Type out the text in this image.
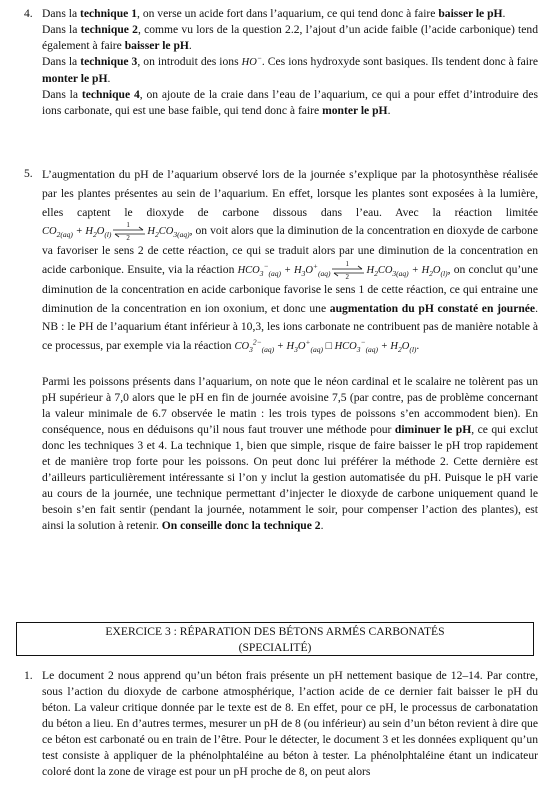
4. Dans la technique 1, on verse un acide fort dans l’aquarium, ce qui tend donc à faire baisser le pH.

Dans la technique 2, comme vu lors de la question 2.2, l’ajout d’un acide faible (l’acide carbonique) tend également à faire baisser le pH.

Dans la technique 3, on introduit des ions HO−. Ces ions hydroxyde sont basiques. Ils tendent donc à faire monter le pH.

Dans la technique 4, on ajoute de la craie dans l’eau de l’aquarium, ce qui a pour effet d’introduire des ions carbonate, qui est une base faible, qui tend donc à faire monter le pH.

5. L’augmentation du pH de l’aquarium observé lors de la journée s’explique par la photosynthèse réalisée par les plantes présentes au sein de l’aquarium. En effet, lorsque les plantes sont exposées à la lumière, elles captent le dioxyde de carbone dissous dans l’eau. Avec la réaction limitée $CO_{2(aq)} + H_2O_{(l)}$
1
2
$H_2CO_{3(aq)}$, on voit alors que la diminution de la concentration en dioxyde de carbone va favoriser le sens 2 de cette réaction, ce qui se traduit alors par une diminution de la concentration en acide carbonique. Ensuite, via la réaction $HCO_3^-_{(aq)} + H_3O^+_{(aq)}$
1
2
$H_2CO_{3(aq)} + H_2O_{(l)}$, on conclut qu’une diminution de la concentration en acide carbonique favorise le sens 1 de cette réaction, ce qui entraine une diminution de la concentration en ion oxonium, et donc une augmentation du pH constaté en journée. NB : le PH de l’aquarium étant inférieur à 10,3, les ions carbonate ne contribuent pas de manière notable à ce processus, par exemple via la réaction $CO_3^{2-}_{(aq)} + H_3O^+_{(aq)}$ □ $HCO_3^-_{(aq)} + H_2O_{(l)}$.

Parmi les poissons présents dans l’aquarium, on note que le néon cardinal et le scalaire ne tolèrent pas un pH supérieur à 7,0 alors que le pH en fin de journée avoisine 7,5 (par contre, pas de problème concernant la valeur minimale de 6.7 observée le matin : les trois types de poissons s’en accommodent bien). En conséquence, nous en déduisons qu’il nous faut trouver une méthode pour diminuer le pH, ce qui exclut donc les techniques 3 et 4. La technique 1, bien que simple, risque de faire baisser le pH trop rapidement et de manière trop forte pour les poissons. On peut donc lui préférer la méthode 2. Cette dernière est d’ailleurs particulièrement intéressante si l’on y inclut la gestion automatisée du pH. Puisque le pH varie au cours de la journée, une technique permettant d’injecter le dioxyde de carbone uniquement quand le besoin s’en fait sentir (pendant la journée, notamment le soir, pour compenser l’action des plantes), est ainsi la solution à retenir. On conseille donc la technique 2.

EXERCICE 3 : RÉPARATION DES BÉTONS ARMÉS CARBONATÉS
(SPECIALITÉ)
1. Le document 2 nous apprend qu’un béton frais présente un pH nettement basique de 12–14. Par contre, sous l’action du dioxyde de carbone atmosphérique, l’action acide de ce dernier fait baisser le pH du béton. La valeur critique donnée par le texte est de 8. En effet, pour ce pH, le processus de carbonatation du béton a lieu. En d’autres termes, mesurer un pH de 8 (ou inférieur) au sein d’un béton revient à dire que ce béton est carbonaté ou en train de l’être. Pour le détecter, le document 3 et les données expliquent qu’un test consiste à appliquer de la phénolphtaléine au béton à tester. La phénolphtaléine étant un indicateur coloré dont la zone de virage est pour un pH proche de 8, on peut alors
